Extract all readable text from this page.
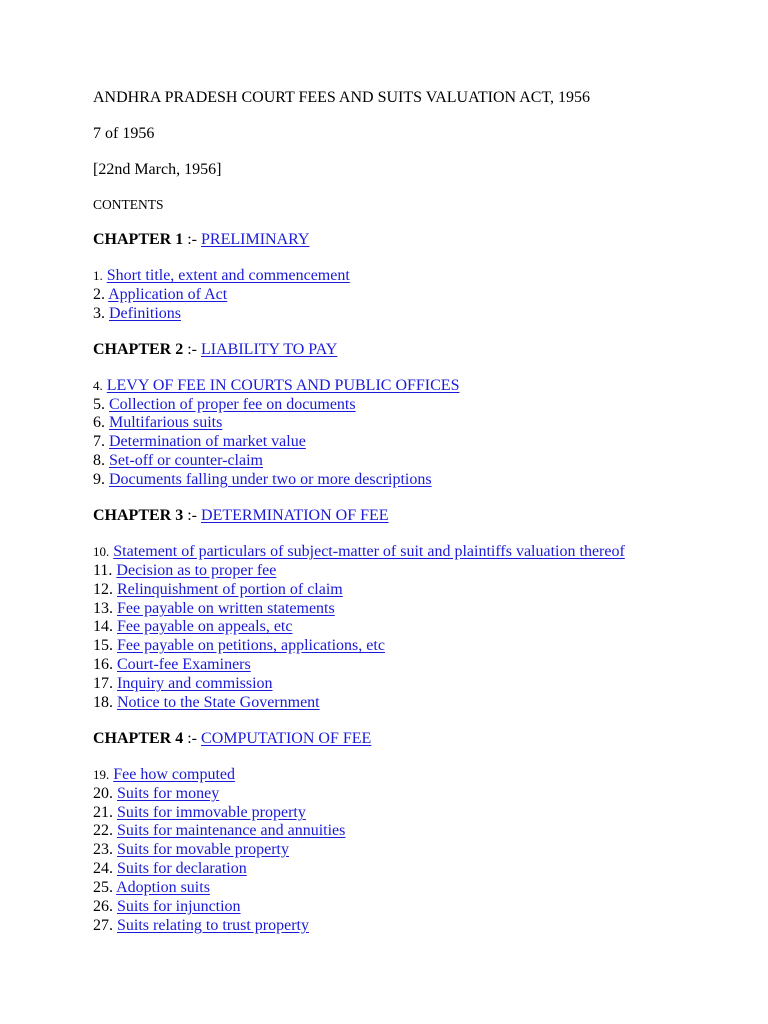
ANDHRA PRADESH COURT FEES AND SUITS VALUATION ACT, 1956
7 of 1956
[22nd March, 1956]
CONTENTS
CHAPTER 1 :- PRELIMINARY
1. Short title, extent and commencement
2. Application of Act
3. Definitions
CHAPTER 2 :- LIABILITY TO PAY
4. LEVY OF FEE IN COURTS AND PUBLIC OFFICES
5. Collection of proper fee on documents
6. Multifarious suits
7. Determination of market value
8. Set-off or counter-claim
9. Documents falling under two or more descriptions
CHAPTER 3 :- DETERMINATION OF FEE
10. Statement of particulars of subject-matter of suit and plaintiffs valuation thereof
11. Decision as to proper fee
12. Relinquishment of portion of claim
13. Fee payable on written statements
14. Fee payable on appeals, etc
15. Fee payable on petitions, applications, etc
16. Court-fee Examiners
17. Inquiry and commission
18. Notice to the State Government
CHAPTER 4 :- COMPUTATION OF FEE
19. Fee how computed
20. Suits for money
21. Suits for immovable property
22. Suits for maintenance and annuities
23. Suits for movable property
24. Suits for declaration
25. Adoption suits
26. Suits for injunction
27. Suits relating to trust property
